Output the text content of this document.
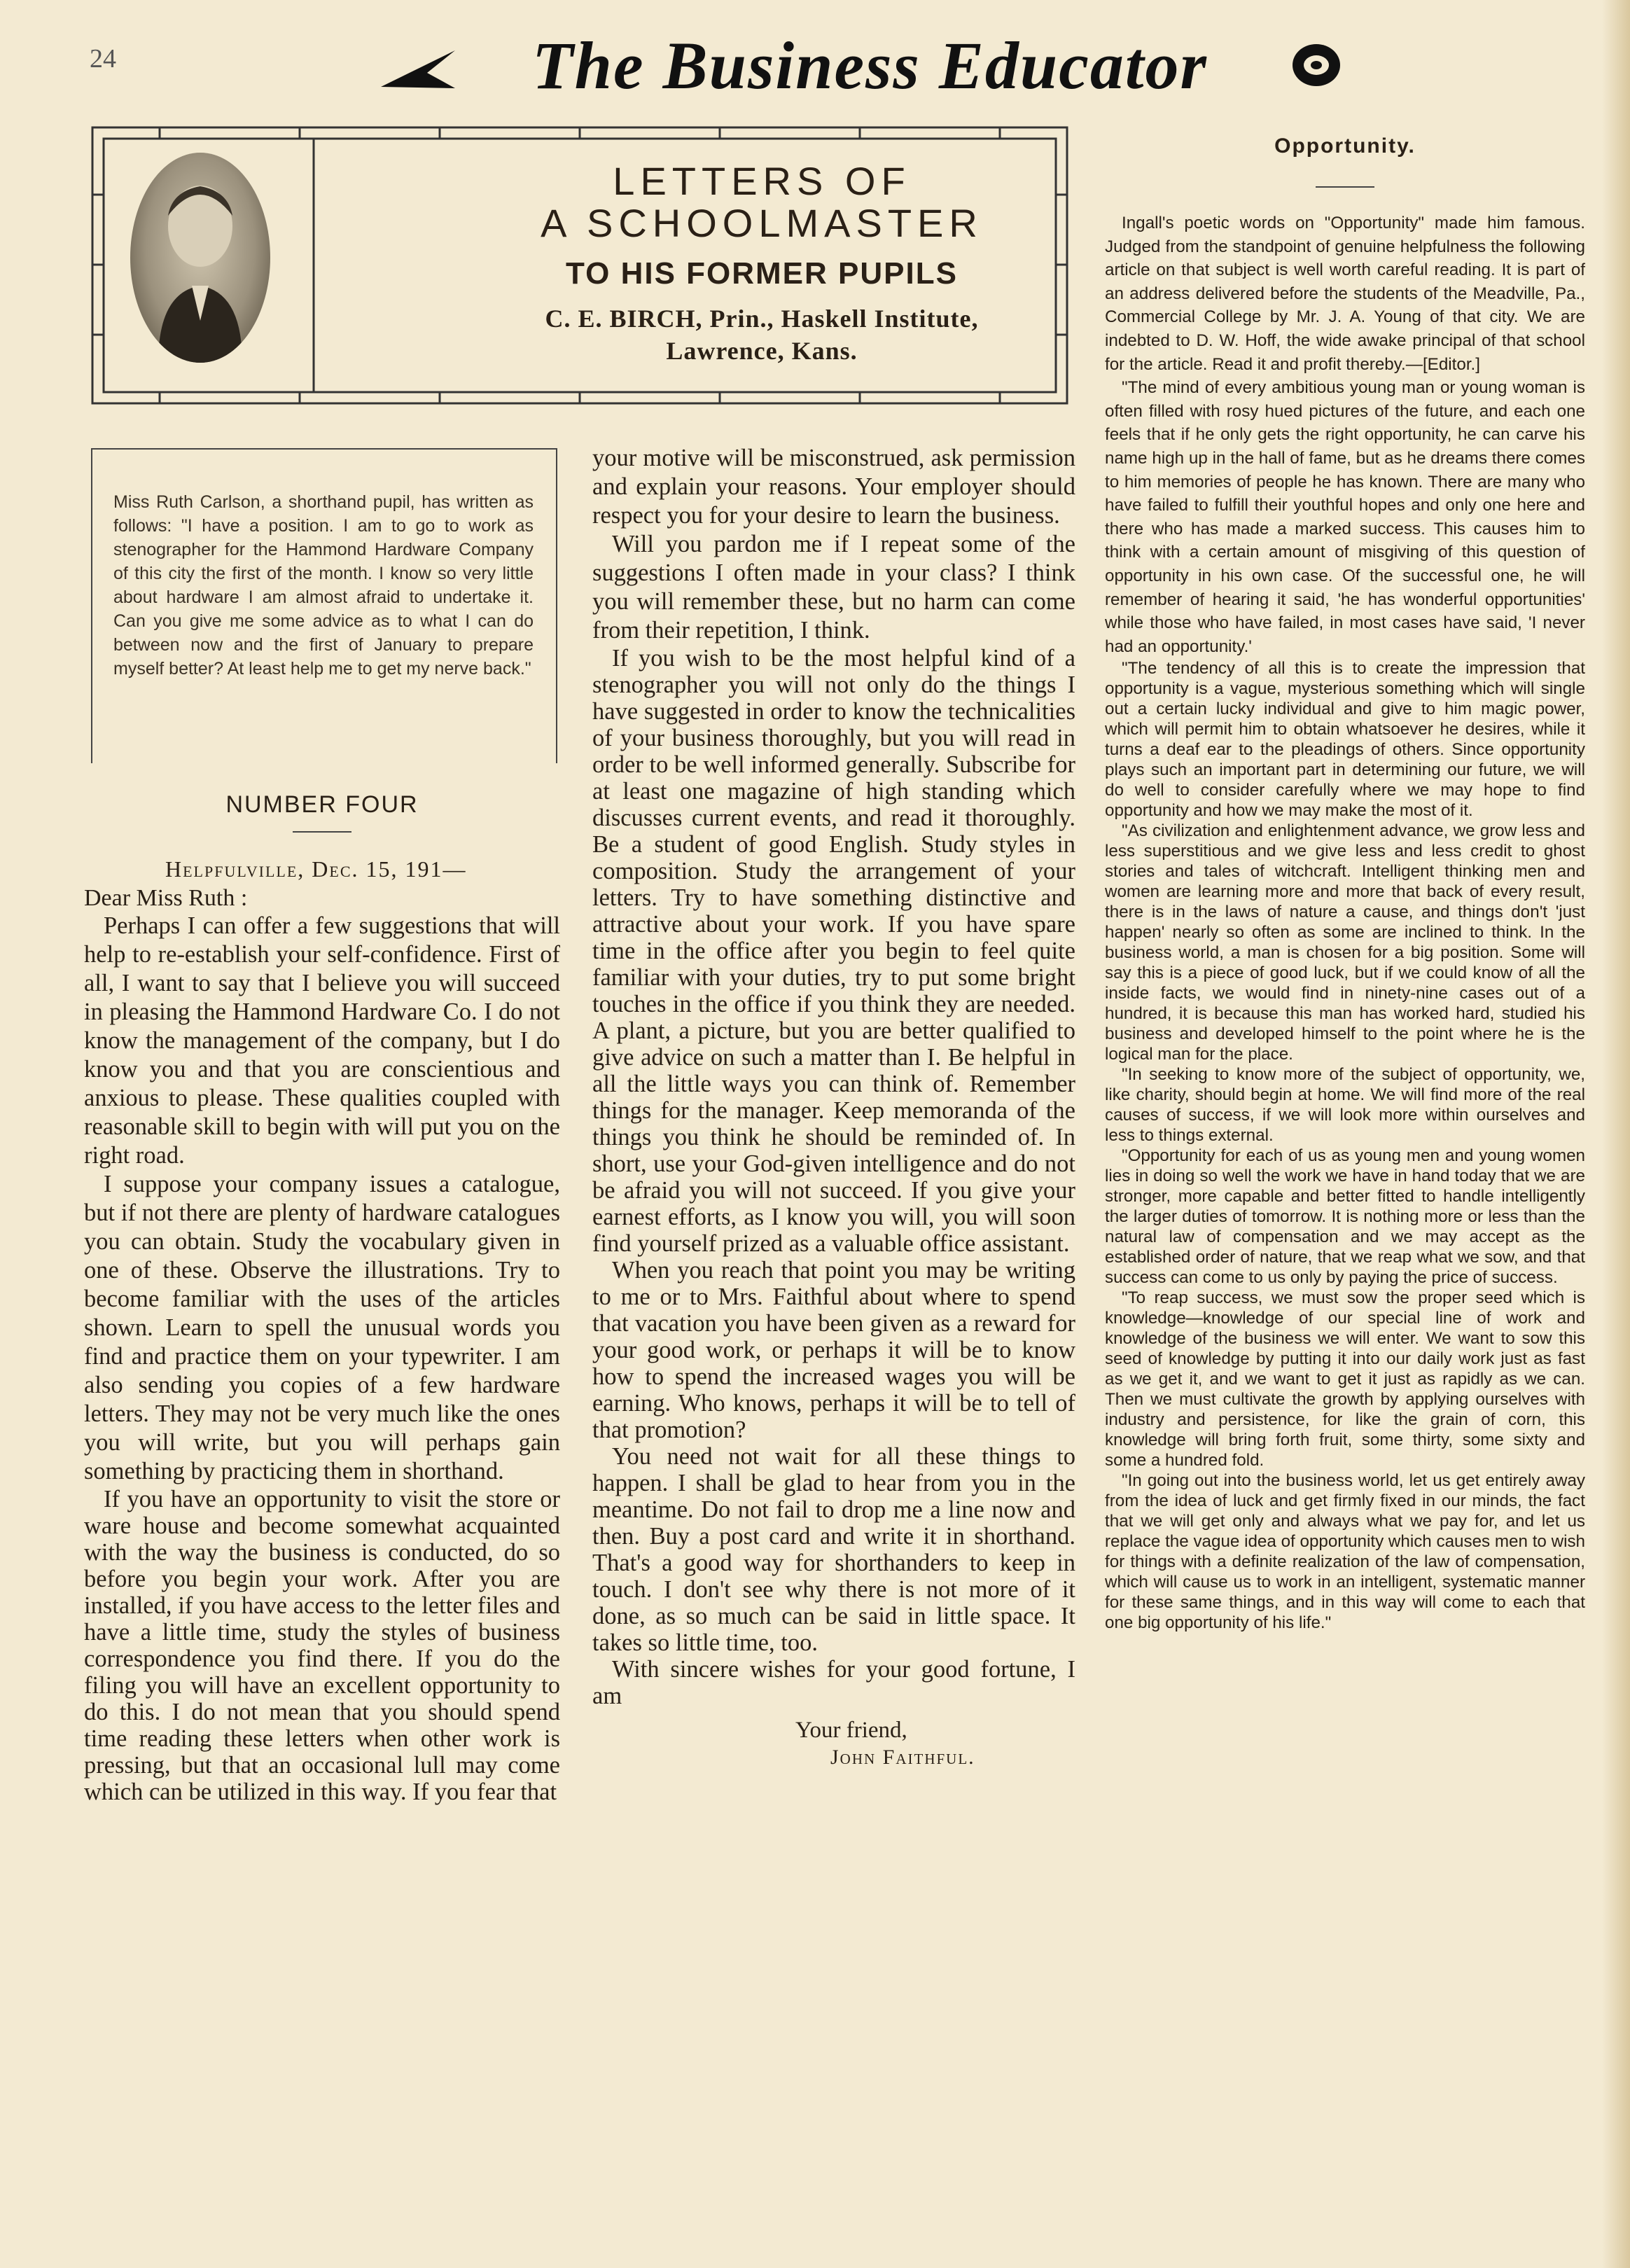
24	The Business Educator
LETTERS OF
A SCHOOLMASTER
TO HIS FORMER PUPILS
C. E. BIRCH, Prin., Haskell Institute,
Lawrence, Kans.
Miss Ruth Carlson, a shorthand pupil, has written as follows: "I have a position. I am to go to work as stenographer for the Hammond Hardware Company of this city the first of the month. I know so very little about hardware I am almost afraid to undertake it. Can you give me some advice as to what I can do between now and the first of January to prepare myself better? At least help me to get my nerve back."
NUMBER FOUR
Helpfulville, Dec. 15, 191—
Dear Miss Ruth :

Perhaps I can offer a few suggestions that will help to re-establish your self-confidence. First of all, I want to say that I believe you will succeed in pleasing the Hammond Hardware Co. I do not know the management of the company, but I do know you and that you are conscientious and anxious to please. These qualities coupled with reasonable skill to begin with will put you on the right road.

I suppose your company issues a catalogue, but if not there are plenty of hardware catalogues you can obtain. Study the vocabulary given in one of these. Observe the illustrations. Try to become familiar with the uses of the articles shown. Learn to spell the unusual words you find and practice them on your typewriter. I am also sending you copies of a few hardware letters. They may not be very much like the ones you will write, but you will perhaps gain something by practicing them in shorthand.

If you have an opportunity to visit the store or ware house and become somewhat acquainted with the way the business is conducted, do so before you begin your work. After you are installed, if you have access to the letter files and have a little time, study the styles of business correspondence you find there. If you do the filing you will have an excellent opportunity to do this. I do not mean that you should spend time reading these letters when other work is pressing, but that an occasional lull may come which can be utilized in this way. If you fear that

your motive will be misconstrued, ask permission and explain your reasons. Your employer should respect you for your desire to learn the business.

Will you pardon me if I repeat some of the suggestions I often made in your class? I think you will remember these, but no harm can come from their repetition, I think.

If you wish to be the most helpful kind of a stenographer you will not only do the things I have suggested in order to know the technicalities of your business thoroughly, but you will read in order to be well informed generally. Subscribe for at least one magazine of high standing which discusses current events, and read it thoroughly. Be a student of good English. Study styles in composition. Study the arrangement of your letters. Try to have something distinctive and attractive about your work. If you have spare time in the office after you begin to feel quite familiar with your duties, try to put some bright touches in the office if you think they are needed. A plant, a picture, but you are better qualified to give advice on such a matter than I. Be helpful in all the little ways you can think of. Remember things for the manager. Keep memoranda of the things you think he should be reminded of. In short, use your God-given intelligence and do not be afraid you will not succeed. If you give your earnest efforts, as I know you will, you will soon find yourself prized as a valuable office assistant.

When you reach that point you may be writing to me or to Mrs. Faithful about where to spend that vacation you have been given as a reward for your good work, or perhaps it will be to know how to spend the increased wages you will be earning. Who knows, perhaps it will be to tell of that promotion?

You need not wait for all these things to happen. I shall be glad to hear from you in the meantime. Do not fail to drop me a line now and then. Buy a post card and write it in shorthand. That's a good way for shorthanders to keep in touch. I don't see why there is not more of it done, as so much can be said in little space. It takes so little time, too.

With sincere wishes for your good fortune, I am

Your friend,
John Faithful.
Opportunity.

Ingall's poetic words on "Opportunity" made him famous. Judged from the standpoint of genuine helpfulness the following article on that subject is well worth careful reading. It is part of an address delivered before the students of the Meadville, Pa., Commercial College by Mr. J. A. Young of that city. We are indebted to D. W. Hoff, the wide awake principal of that school for the article. Read it and profit thereby.—[Editor.]

"The mind of every ambitious young man or young woman is often filled with rosy hued pictures of the future, and each one feels that if he only gets the right opportunity, he can carve his name high up in the hall of fame, but as he dreams there comes to him memories of people he has known. There are many who have failed to fulfill their youthful hopes and only one here and there who has made a marked success. This causes him to think with a certain amount of misgiving of this question of opportunity in his own case. Of the successful one, he will remember of hearing it said, 'he has wonderful opportunities' while those who have failed, in most cases have said, 'I never had an opportunity.'

"The tendency of all this is to create the impression that opportunity is a vague, mysterious something which will single out a certain lucky individual and give to him magic power, which will permit him to obtain whatsoever he desires, while it turns a deaf ear to the pleadings of others. Since opportunity plays such an important part in determining our future, we will do well to consider carefully where we may hope to find opportunity and how we may make the most of it.

"As civilization and enlightenment advance, we grow less and less superstitious and we give less and less credit to ghost stories and tales of witchcraft. Intelligent thinking men and women are learning more and more that back of every result, there is in the laws of nature a cause, and things don't 'just happen' nearly so often as some are inclined to think. In the business world, a man is chosen for a big position. Some will say this is a piece of good luck, but if we could know of all the inside facts, we would find in ninety-nine cases out of a hundred, it is because this man has worked hard, studied his business and developed himself to the point where he is the logical man for the place.

"In seeking to know more of the subject of opportunity, we, like charity, should begin at home. We will find more of the real causes of success, if we will look more within ourselves and less to things external.

"Opportunity for each of us as young men and young women lies in doing so well the work we have in hand today that we are stronger, more capable and better fitted to handle intelligently the larger duties of tomorrow. It is nothing more or less than the natural law of compensation and we may accept as the established order of nature, that we reap what we sow, and that success can come to us only by paying the price of success.

"To reap success, we must sow the proper seed which is knowledge—knowledge of our special line of work and knowledge of the business we will enter. We want to sow this seed of knowledge by putting it into our daily work just as fast as we get it, and we want to get it just as rapidly as we can. Then we must cultivate the growth by applying ourselves with industry and persistence, for like the grain of corn, this knowledge will bring forth fruit, some thirty, some sixty and some a hundred fold.

"In going out into the business world, let us get entirely away from the idea of luck and get firmly fixed in our minds, the fact that we will get only and always what we pay for, and let us replace the vague idea of opportunity which causes men to wish for things with a definite realization of the law of compensation, which will cause us to work in an intelligent, systematic manner for these same things, and in this way will come to each that one big opportunity of his life."
